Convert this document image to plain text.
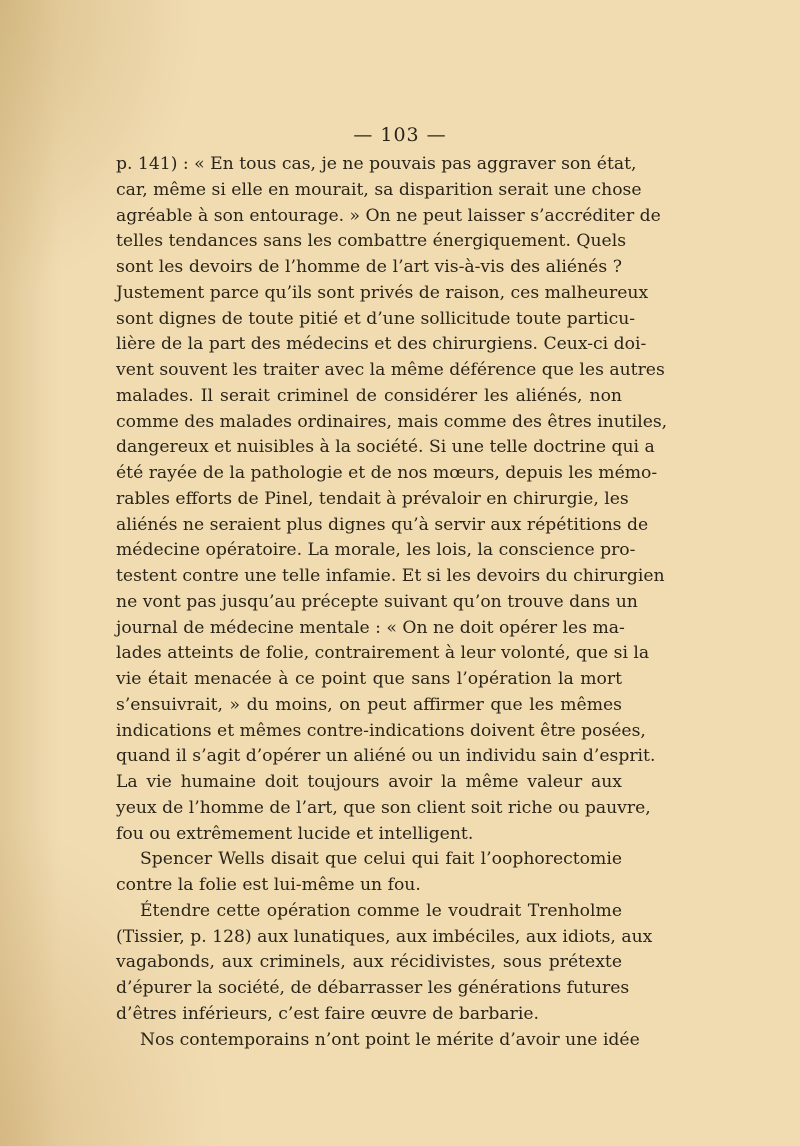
— 103 —
p. 141) : « En tous cas, je ne pouvais pas aggraver son état,
car, même si elle en mourait, sa disparition serait une chose
agréable à son entourage. » On ne peut laisser s’accréditer de
telles tendances sans les combattre énergiquement. Quels
sont les devoirs de l’homme de l’art vis-à-vis des aliénés ?
Justement parce qu’ils sont privés de raison, ces malheureux
sont dignes de toute pitié et d’une sollicitude toute particu-
lière de la part des médecins et des chirurgiens. Ceux-ci doi-
vent souvent les traiter avec la même déférence que les autres
malades. Il serait criminel de considérer les aliénés, non
comme des malades ordinaires, mais comme des êtres inutiles,
dangereux et nuisibles à la société. Si une telle doctrine qui a
été rayée de la pathologie et de nos mœurs, depuis les mémo-
rables efforts de Pinel, tendait à prévaloir en chirurgie, les
aliénés ne seraient plus dignes qu’à servir aux répétitions de
médecine opératoire. La morale, les lois, la conscience pro-
testent contre une telle infamie. Et si les devoirs du chirurgien
ne vont pas jusqu’au précepte suivant qu’on trouve dans un
journal de médecine mentale : « On ne doit opérer les ma-
lades atteints de folie, contrairement à leur volonté, que si la
vie était menacée à ce point que sans l’opération la mort
s’ensuivrait, » du moins, on peut affirmer que les mêmes
indications et mêmes contre-indications doivent être posées,
quand il s’agit d’opérer un aliéné ou un individu sain d’esprit.
La vie humaine doit toujours avoir la même valeur aux
yeux de l’homme de l’art, que son client soit riche ou pauvre,
fou ou extrêmement lucide et intelligent.
Spencer Wells disait que celui qui fait l’oophorectomie
contre la folie est lui-même un fou.
Étendre cette opération comme le voudrait Trenholme
(Tissier, p. 128) aux lunatiques, aux imbéciles, aux idiots, aux
vagabonds, aux criminels, aux récidivistes, sous prétexte
d’épurer la société, de débarrasser les générations futures
d’êtres inférieurs, c’est faire œuvre de barbarie.
Nos contemporains n’ont point le mérite d’avoir une idée
